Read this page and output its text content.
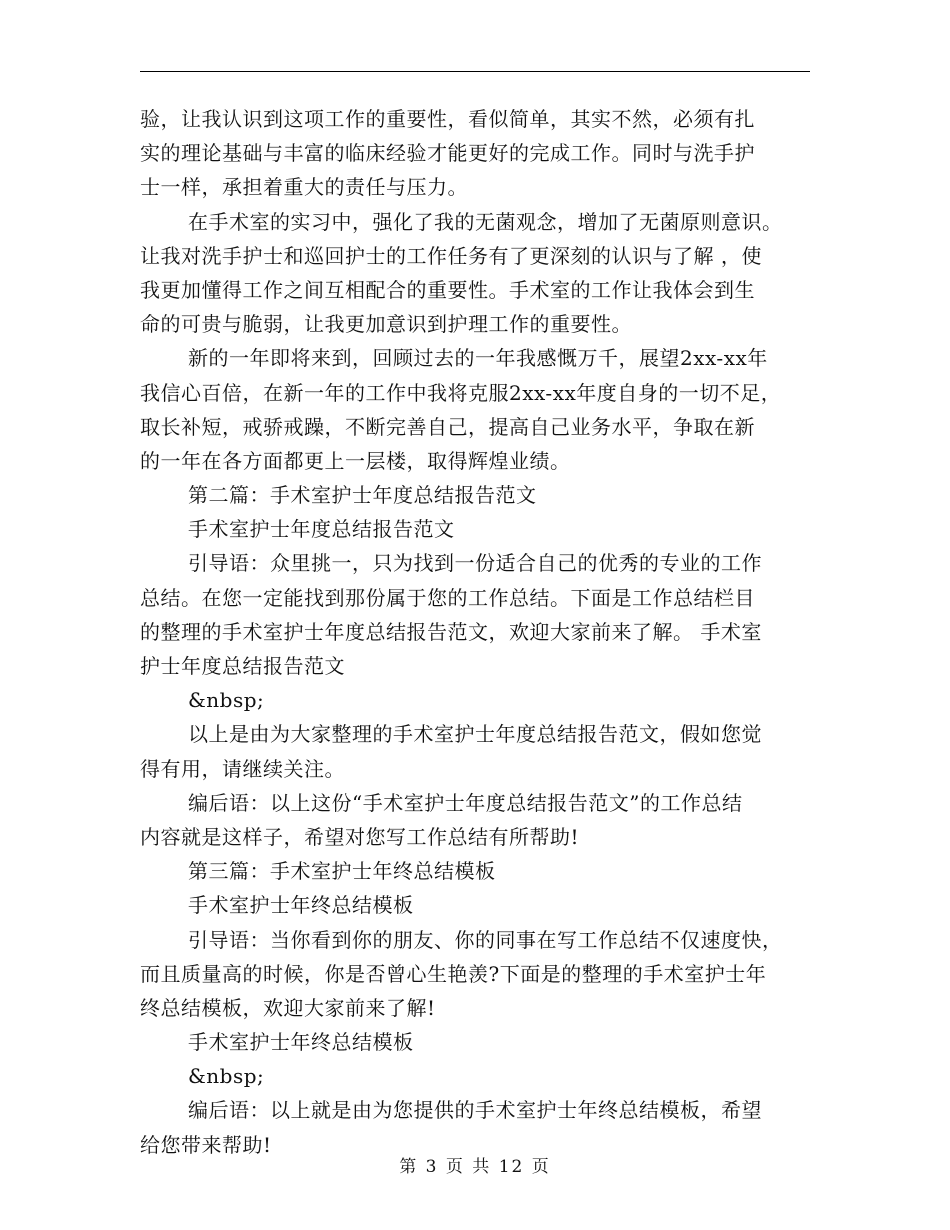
验，让我认识到这项工作的重要性，看似简单，其实不然，必须有扎
实的理论基础与丰富的临床经验才能更好的完成工作。同时与洗手护
士一样，承担着重大的责任与压力。
在手术室的实习中，强化了我的无菌观念，增加了无菌原则意识。
让我对洗手护士和巡回护士的工作任务有了更深刻的认识与了解 ，使
我更加懂得工作之间互相配合的重要性。手术室的工作让我体会到生
命的可贵与脆弱，让我更加意识到护理工作的重要性。
新的一年即将来到，回顾过去的一年我感慨万千，展望2xx-xx年
我信心百倍，在新一年的工作中我将克服2xx-xx年度自身的一切不足，
取长补短，戒骄戒躁，不断完善自己，提高自己业务水平，争取在新
的一年在各方面都更上一层楼，取得辉煌业绩。
第二篇：手术室护士年度总结报告范文
手术室护士年度总结报告范文
引导语：众里挑一，只为找到一份适合自己的优秀的专业的工作
总结。在您一定能找到那份属于您的工作总结。下面是工作总结栏目
的整理的手术室护士年度总结报告范文，欢迎大家前来了解。 手术室
护士年度总结报告范文
&nbsp;
以上是由为大家整理的手术室护士年度总结报告范文，假如您觉
得有用，请继续关注。
编后语：以上这份“手术室护士年度总结报告范文”的工作总结
内容就是这样子，希望对您写工作总结有所帮助!
第三篇：手术室护士年终总结模板
手术室护士年终总结模板
引导语：当你看到你的朋友、你的同事在写工作总结不仅速度快，
而且质量高的时候，你是否曾心生艳羡?下面是的整理的手术室护士年
终总结模板，欢迎大家前来了解!
手术室护士年终总结模板
&nbsp;
编后语：以上就是由为您提供的手术室护士年终总结模板，希望
给您带来帮助!
第 3 页 共 12 页
